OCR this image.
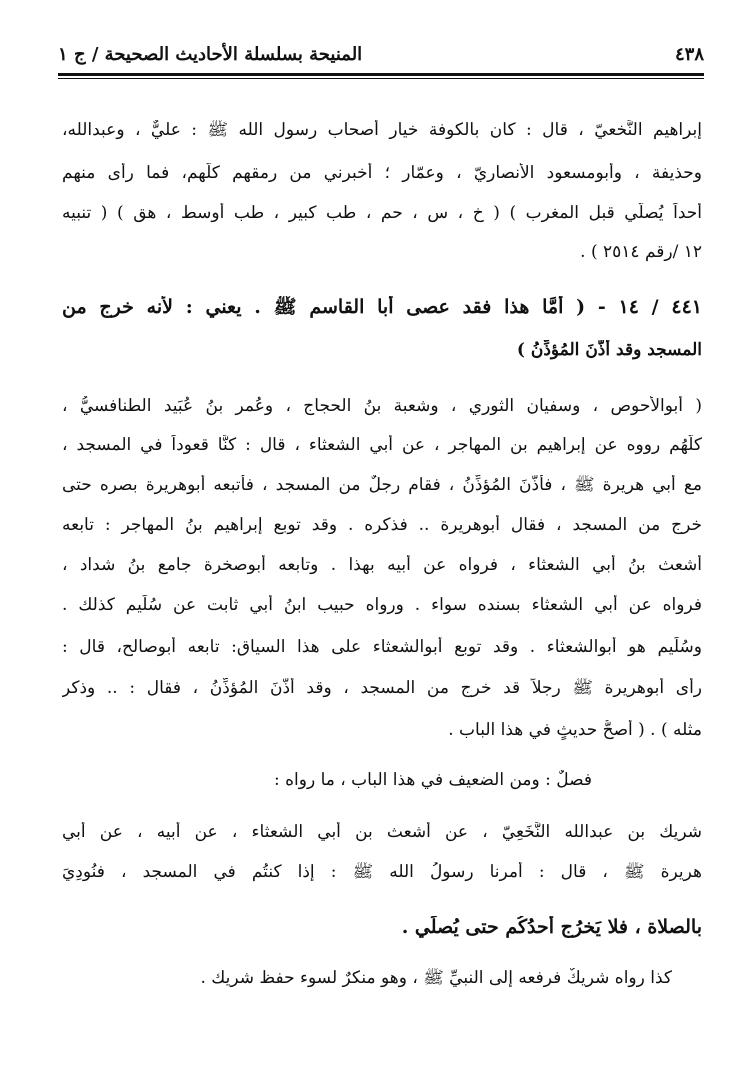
٤٣٨
المنيحة بسلسلة الأحاديث الصحيحة / ج ١
إبراهيم النَّخعيّ ، قال : كان بالكوفة خيار أصحاب رسول الله ﷺ : عليٌّ ، وعبدالله،
وحذيفة ، وأبومسعود الأنصاريّ ، وعمّار ؛ أخبرني من رمقهم كلَّهم، فما رأى منهم
أحداً يُصلّي قبل المغرب ) ( خ ، س ، حم ، طب كبير ، طب أوسط ، هق ) ( تنبيه
١٢ /رقم ٢٥١٤ ) .
٤٤١ / ١٤ - ( أَمَّا هذا فقد عصى أبا القاسم ﷺ . يعني : لأنه خرج من
المسجد وقد أذَّنَ المُؤذِّنُ )
( أبوالأحوص ، وسفيان الثوري ، وشعبة بنُ الحجاج ، وعُمر بنُ عُبَيد الطنافسيُّ ،
كلُّهُم رووه عن إبراهيم بن المهاجر ، عن أبي الشعثاء ، قال : كنَّا قعوداً في المسجد ،
مع أبي هريرة ﷺ ، فأذَّنَ المُؤذِّنُ ، فقام رجلٌ من المسجد ، فأتبعه أبوهريرة بصره حتى
خرج من المسجد ، فقال أبوهريرة .. فذكره . وقد توبع إبراهيم بنُ المهاجر : تابعه
أشعث بنُ أبي الشعثاء ، فرواه عن أبيه بهذا . وتابعه أبوصخرة جامع بنُ شداد ،
فرواه عن أبي الشعثاء بسنده سواء . ورواه حبيب ابنُ أبي ثابت عن سُلَيم كذلك .
وسُلَيم هو أبوالشعثاء . وقد توبع أبوالشعثاء على هذا السياق: تابعه أبوصالح، قال :
رأى أبوهريرة ﷺ رجلاً قد خرج من المسجد ، وقد أذَّنَ المُؤذِّنُ ، فقال : .. وذكر
مثله ) . ( أصحُّ حديثٍ في هذا الباب .
فصلٌ : ومن الضعيف في هذا الباب ، ما رواه :
شريك بن عبدالله النَّخَعِيّ ، عن أشعث بن أبي الشعثاء ، عن أبيه ، عن أبي
هريرة ﷺ ، قال : أمرنا رسولُ الله ﷺ : إذا كنتُم في المسجد ، فنُودِيَ
بالصلاة ، فلا يَخرُج أحدُكُم حتى يُصلِّي .
كذا رواه شريكٌ فرفعه إلى النبيِّ ﷺ ، وهو منكرٌ لسوء حفظ شريك .
